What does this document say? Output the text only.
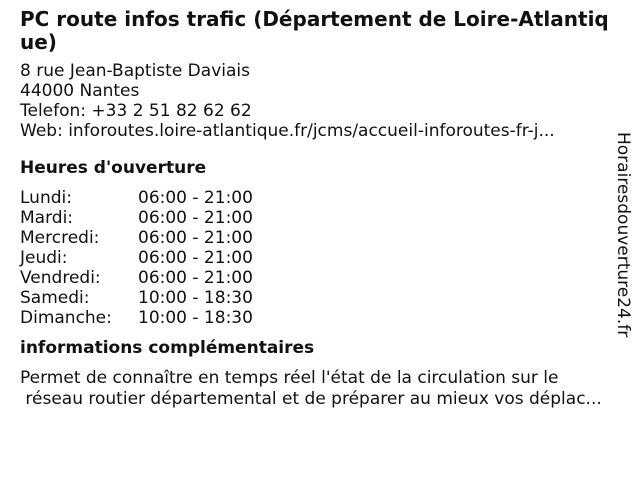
PC route infos trafic (Département de Loire-Atlantique)
8 rue Jean-Baptiste Daviais
44000 Nantes
Telefon: +33 2 51 82 62 62
Web: inforoutes.loire-atlantique.fr/jcms/accueil-inforoutes-fr-j...
Heures d'ouverture
Lundi:	06:00 - 21:00
Mardi:	06:00 - 21:00
Mercredi:	06:00 - 21:00
Jeudi:	06:00 - 21:00
Vendredi:	06:00 - 21:00
Samedi:	10:00 - 18:30
Dimanche:	10:00 - 18:30
informations complémentaires
Permet de connaître en temps réel l'état de la circulation sur le
réseau routier départemental et de préparer au mieux vos déplac...
Horairesdouverture24.fr
